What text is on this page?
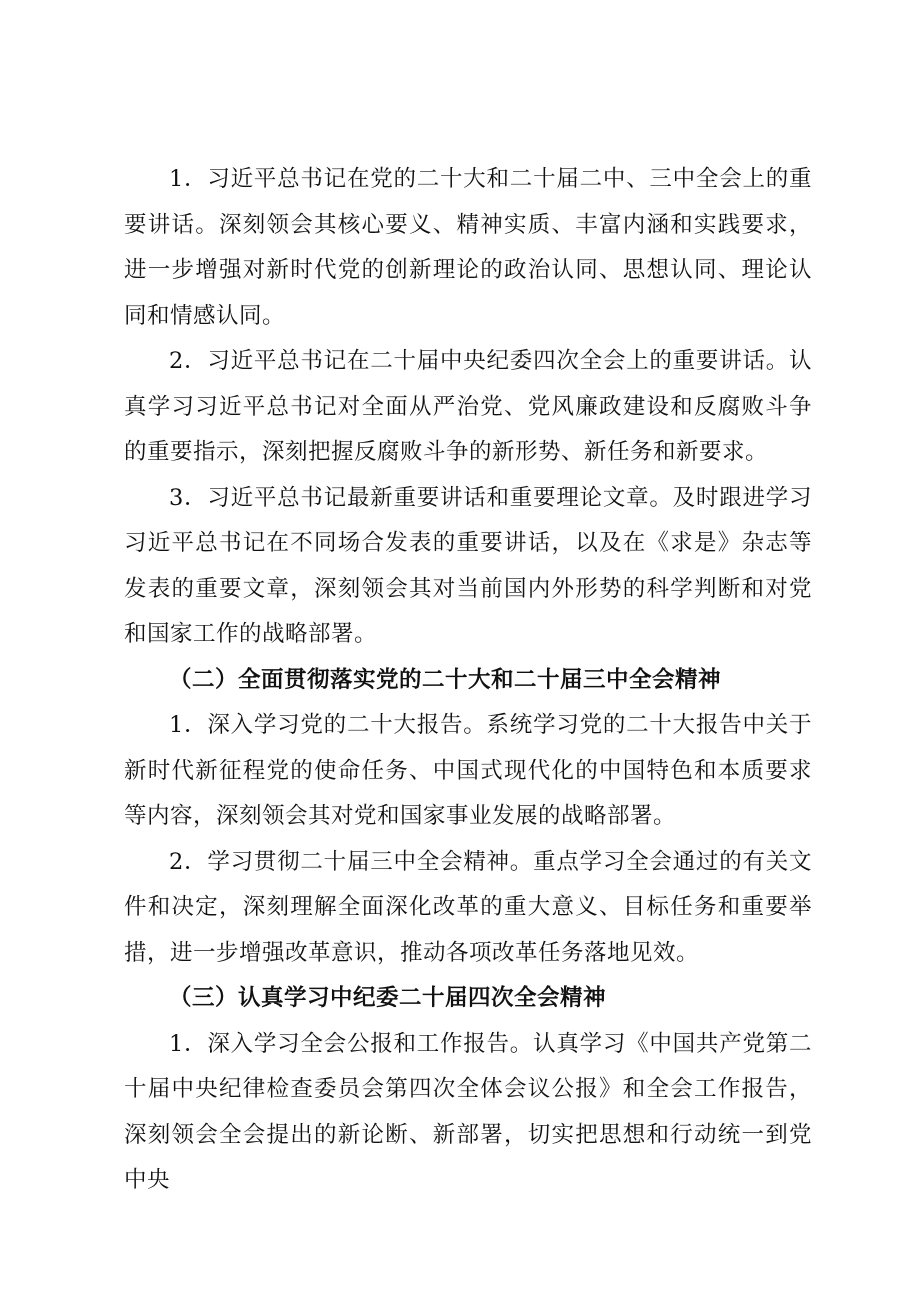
1．习近平总书记在党的二十大和二十届二中、三中全会上的重要讲话。深刻领会其核心要义、精神实质、丰富内涵和实践要求，进一步增强对新时代党的创新理论的政治认同、思想认同、理论认同和情感认同。

2．习近平总书记在二十届中央纪委四次全会上的重要讲话。认真学习习近平总书记对全面从严治党、党风廉政建设和反腐败斗争的重要指示，深刻把握反腐败斗争的新形势、新任务和新要求。

3．习近平总书记最新重要讲话和重要理论文章。及时跟进学习习近平总书记在不同场合发表的重要讲话，以及在《求是》杂志等发表的重要文章，深刻领会其对当前国内外形势的科学判断和对党和国家工作的战略部署。

（二）全面贯彻落实党的二十大和二十届三中全会精神

1．深入学习党的二十大报告。系统学习党的二十大报告中关于新时代新征程党的使命任务、中国式现代化的中国特色和本质要求等内容，深刻领会其对党和国家事业发展的战略部署。

2．学习贯彻二十届三中全会精神。重点学习全会通过的有关文件和决定，深刻理解全面深化改革的重大意义、目标任务和重要举措，进一步增强改革意识，推动各项改革任务落地见效。

（三）认真学习中纪委二十届四次全会精神

1．深入学习全会公报和工作报告。认真学习《中国共产党第二十届中央纪律检查委员会第四次全体会议公报》和全会工作报告，深刻领会全会提出的新论断、新部署，切实把思想和行动统一到党中央
